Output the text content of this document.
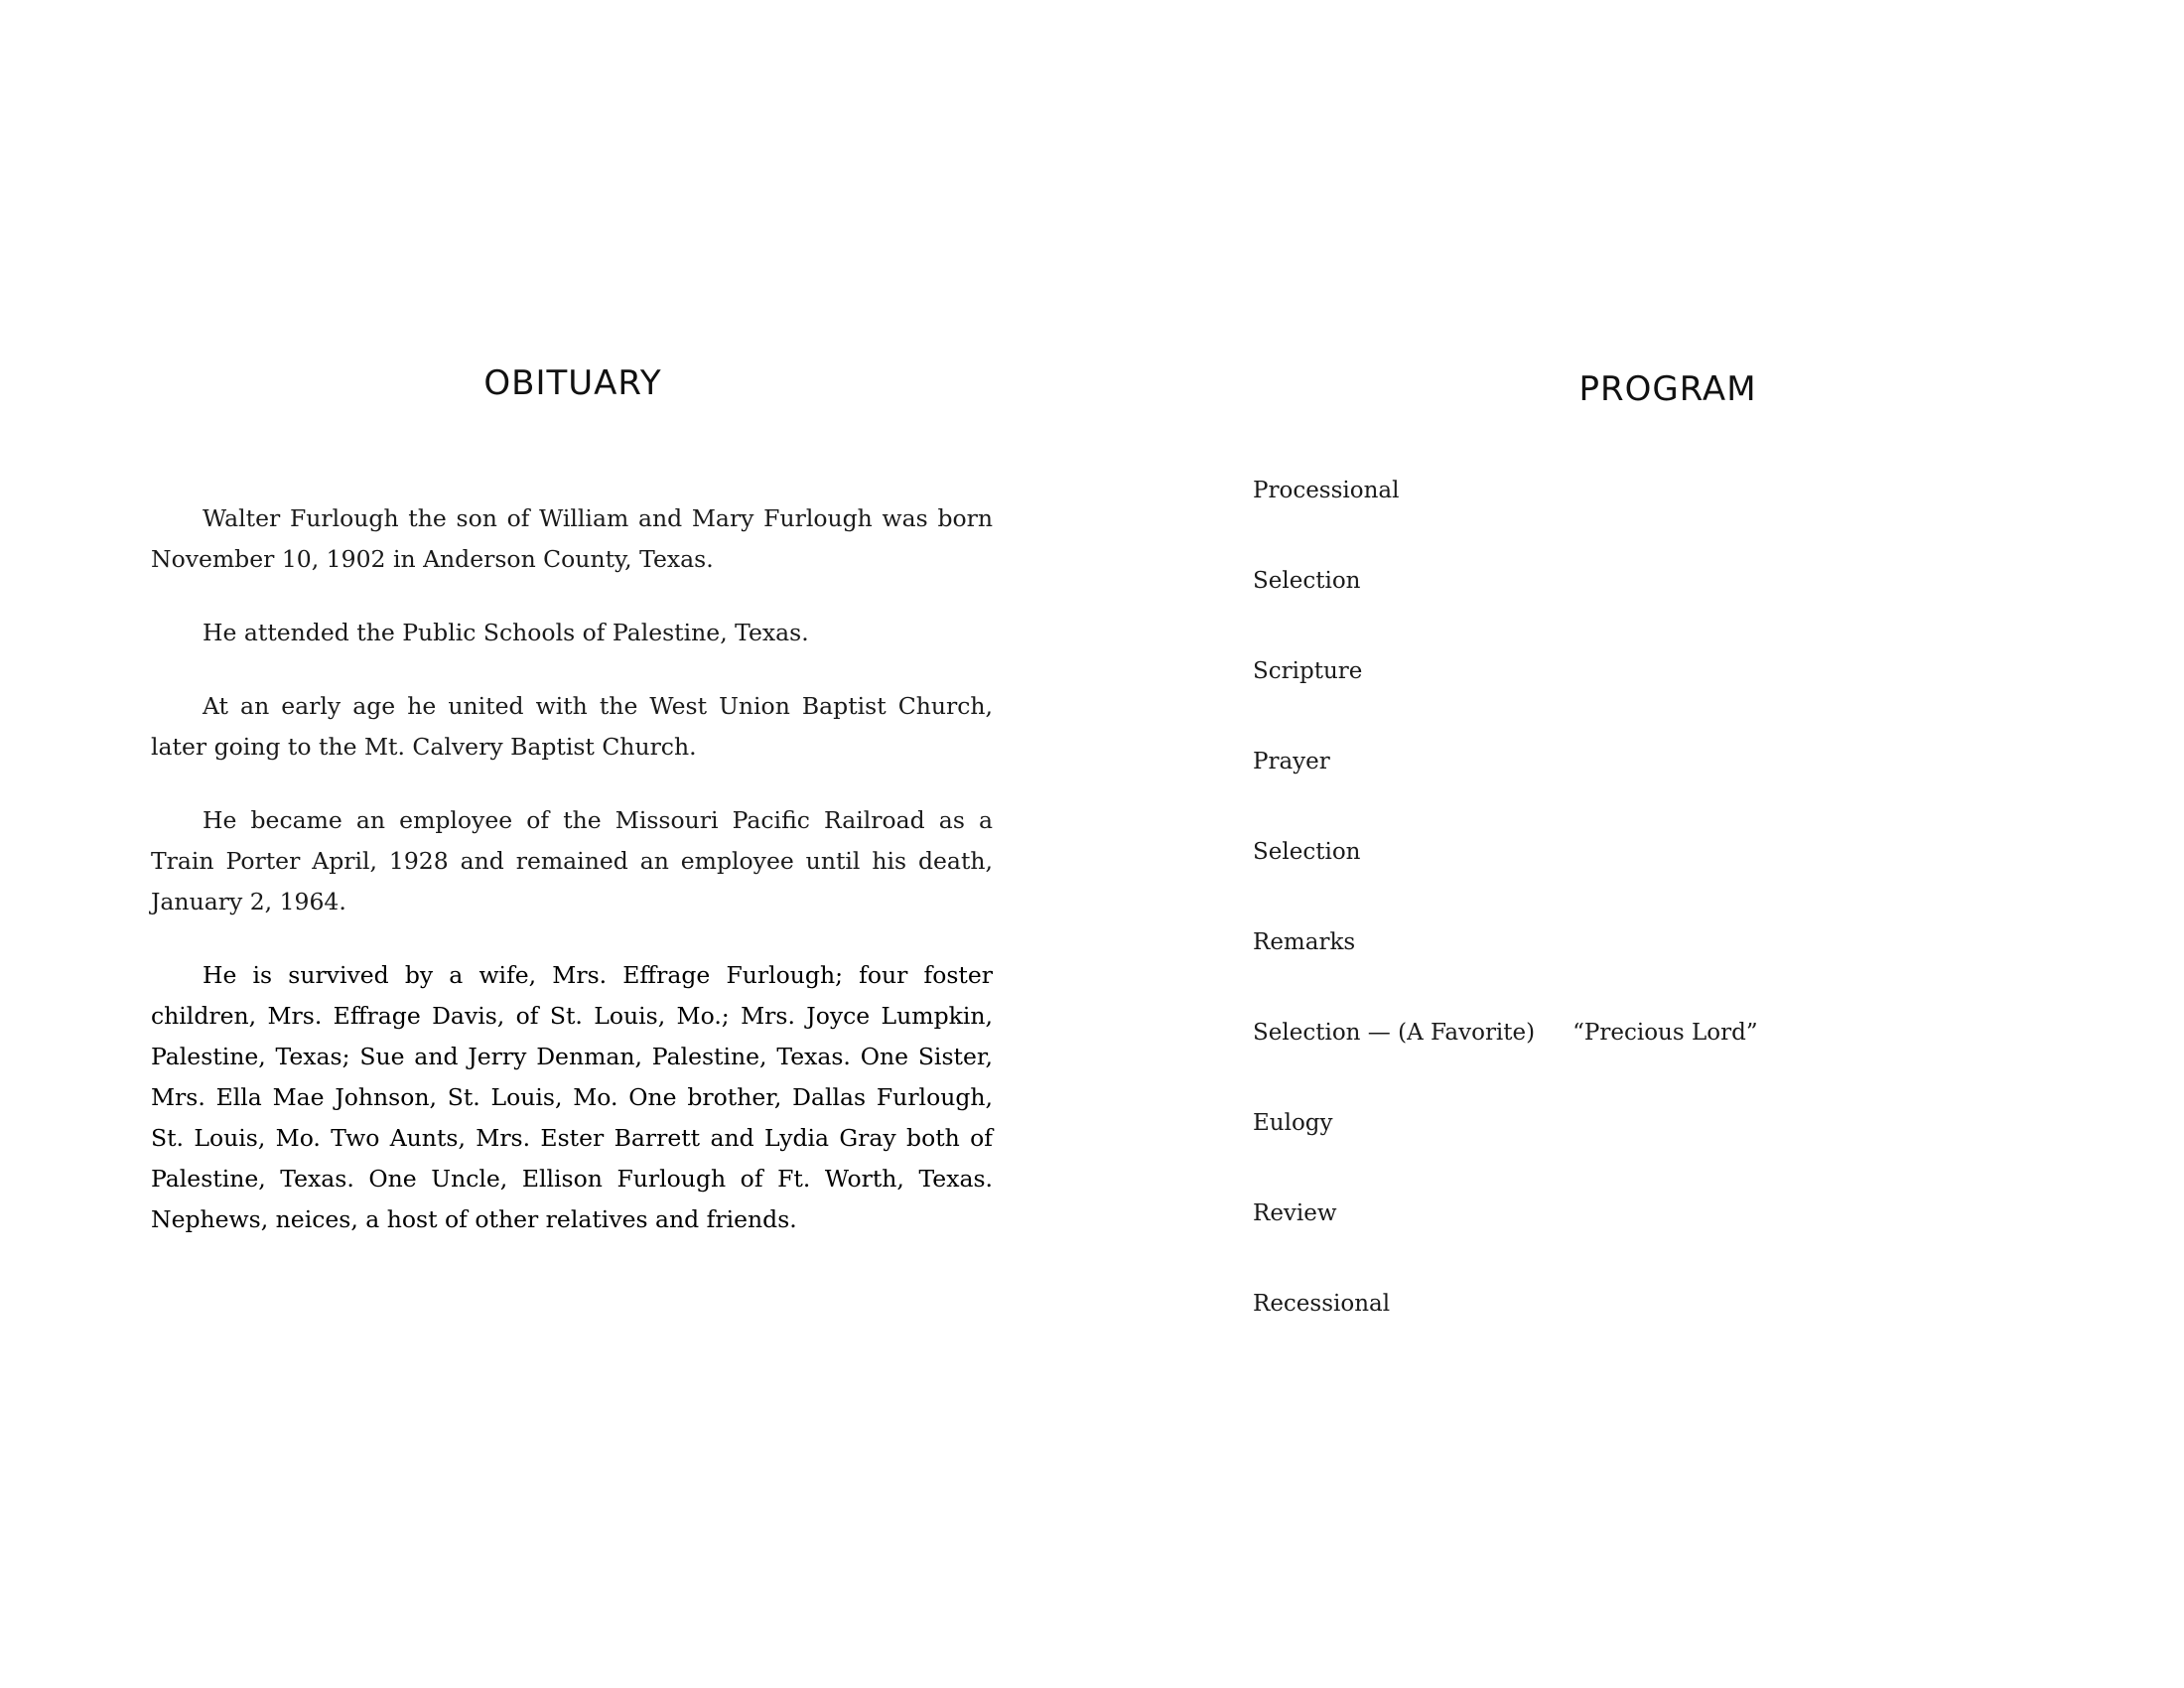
OBITUARY

Walter Furlough the son of William and Mary Furlough was born November 10, 1902 in Anderson County, Texas.

He attended the Public Schools of Palestine, Texas.

At an early age he united with the West Union Baptist Church, later going to the Mt. Calvery Baptist Church.

He became an employee of the Missouri Pacific Railroad as a Train Porter April, 1928 and remained an employee until his death, January 2, 1964.

He is survived by a wife, Mrs. Effrage Furlough; four foster children, Mrs. Effrage Davis, of St. Louis, Mo.; Mrs. Joyce Lumpkin, Palestine, Texas; Sue and Jerry Denman, Palestine, Texas. One Sister, Mrs. Ella Mae Johnson, St. Louis, Mo. One brother, Dallas Furlough, St. Louis, Mo. Two Aunts, Mrs. Ester Barrett and Lydia Gray both of Palestine, Texas. One Uncle, Ellison Furlough of Ft. Worth, Texas. Nephews, neices, a host of other relatives and friends.

PROGRAM
Processional
Selection
Scripture
Prayer
Selection
Remarks
Selection — (A Favorite) “Precious Lord”
Eulogy
Review
Recessional
